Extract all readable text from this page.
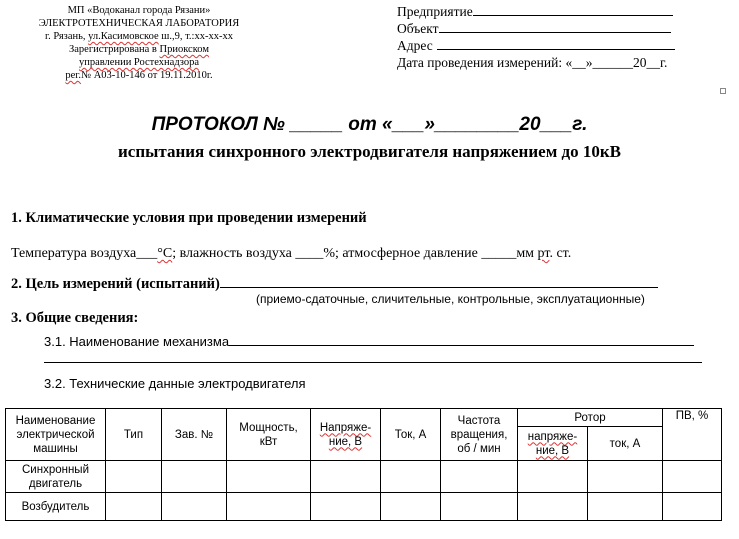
МП «Водоканал города Рязани»
ЭЛЕКТРОТЕХНИЧЕСКАЯ ЛАБОРАТОРИЯ
г. Рязань, ул.Касимовское ш.,9, т.:хх-хх-хх
Зарегистрирована в Приокском
управлении Ростехнадзора
рег.№ А03-10-146 от 19.11.2010г.
Предприятие
Объект
Адрес
Дата проведения измерений: «__»______20__г.
ПРОТОКОЛ № _____ от «___»________20___г.
испытания синхронного электродвигателя напряжением до 10кВ
1. Климатические условия при проведении измерений
Температура воздуха___°С; влажность воздуха ____%; атмосферное давление _____мм рт. ст.
2. Цель измерений (испытаний)
(приемо-сдаточные, сличительные, контрольные, эксплуатационные)
3. Общие сведения:
3.1. Наименование механизма
3.2. Технические данные электродвигателя
Наименование электрической машины	Тип	Зав. №	Мощность, кВт	Напряже-ние, В	Ток, А	Частота вращения, об / мин	Ротор		ПВ, %
							напряже-ние, В	ток, А	
Синхронный двигатель									
Возбудитель									
